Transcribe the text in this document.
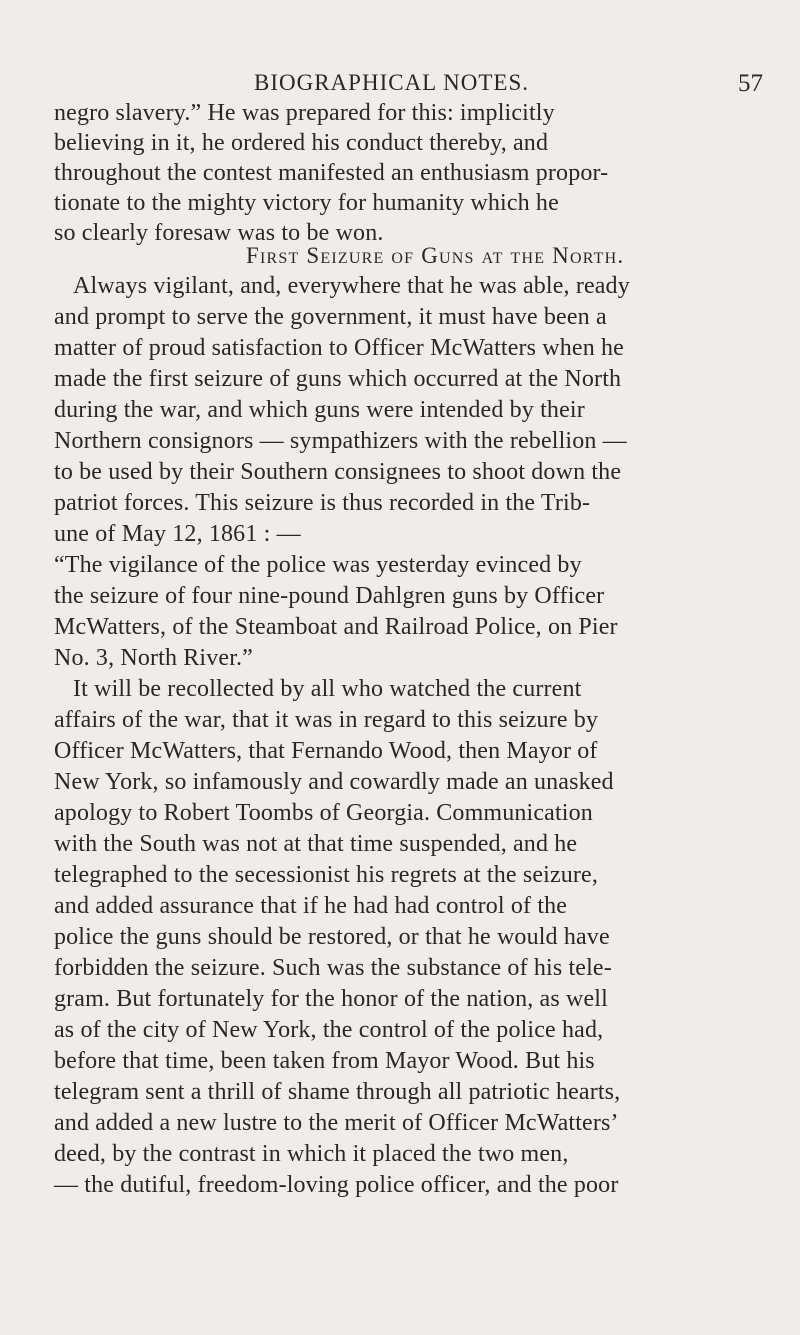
BIOGRAPHICAL NOTES.	57
negro slavery.” He was prepared for this: implicitly
believing in it, he ordered his conduct thereby, and
throughout the contest manifested an enthusiasm propor-
tionate to the mighty victory for humanity which he
so clearly foresaw was to be won.
First Seizure of Guns at the North.
Always vigilant, and, everywhere that he was able, ready
and prompt to serve the government, it must have been a
matter of proud satisfaction to Officer McWatters when he
made the first seizure of guns which occurred at the North
during the war, and which guns were intended by their
Northern consignors — sympathizers with the rebellion —
to be used by their Southern consignees to shoot down the
patriot forces. This seizure is thus recorded in the Trib-
une of May 12, 1861 : —
“The vigilance of the police was yesterday evinced by
the seizure of four nine-pound Dahlgren guns by Officer
McWatters, of the Steamboat and Railroad Police, on Pier
No. 3, North River.”
It will be recollected by all who watched the current
affairs of the war, that it was in regard to this seizure by
Officer McWatters, that Fernando Wood, then Mayor of
New York, so infamously and cowardly made an unasked
apology to Robert Toombs of Georgia. Communication
with the South was not at that time suspended, and he
telegraphed to the secessionist his regrets at the seizure,
and added assurance that if he had had control of the
police the guns should be restored, or that he would have
forbidden the seizure. Such was the substance of his tele-
gram. But fortunately for the honor of the nation, as well
as of the city of New York, the control of the police had,
before that time, been taken from Mayor Wood. But his
telegram sent a thrill of shame through all patriotic hearts,
and added a new lustre to the merit of Officer McWatters’
deed, by the contrast in which it placed the two men,
— the dutiful, freedom-loving police officer, and the poor
